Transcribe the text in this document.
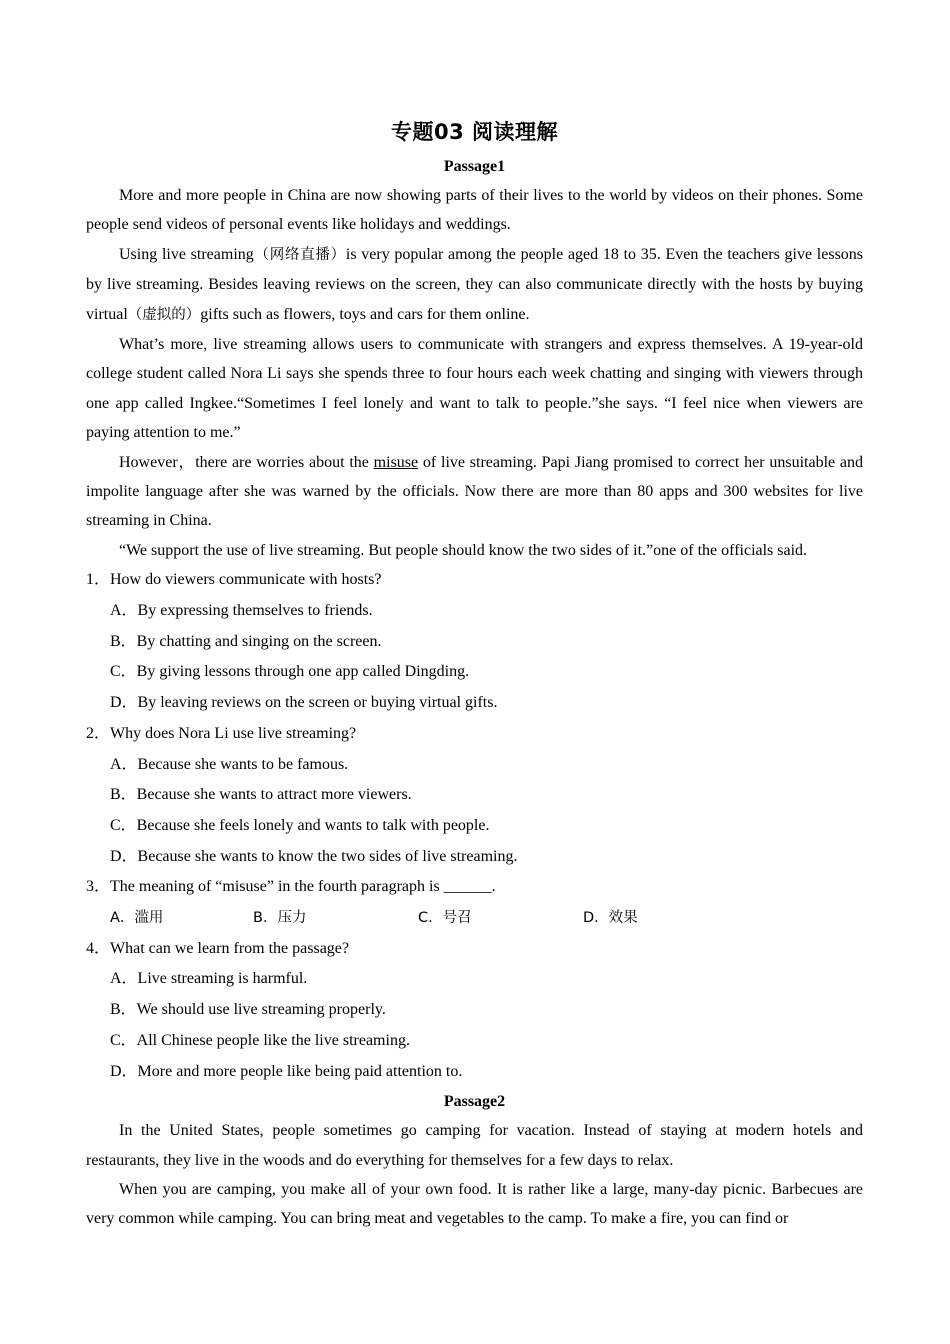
专题03 阅读理解
Passage1

More and more people in China are now showing parts of their lives to the world by videos on their phones. Some people send videos of personal events like holidays and weddings.

Using live streaming（网络直播）is very popular among the people aged 18 to 35. Even the teachers give lessons by live streaming. Besides leaving reviews on the screen, they can also communicate directly with the hosts by buying virtual（虚拟的）gifts such as flowers, toys and cars for them online.

What’s more, live streaming allows users to communicate with strangers and express themselves. A 19-year-old college student called Nora Li says she spends three to four hours each week chatting and singing with viewers through one app called Ingkee.“Sometimes I feel lonely and want to talk to people.”she says. “I feel nice when viewers are paying attention to me.”

However，there are worries about the misuse of live streaming. Papi Jiang promised to correct her unsuitable and impolite language after she was warned by the officials. Now there are more than 80 apps and 300 websites for live streaming in China.

“We support the use of live streaming. But people should know the two sides of it.”one of the officials said.

1．How do viewers communicate with hosts?
A．By expressing themselves to friends.
B．By chatting and singing on the screen.
C．By giving lessons through one app called Dingding.
D．By leaving reviews on the screen or buying virtual gifts.
2．Why does Nora Li use live streaming?
A．Because she wants to be famous.
B．Because she wants to attract more viewers.
C．Because she feels lonely and wants to talk with people.
D．Because she wants to know the two sides of live streaming.
3．The meaning of “misuse” in the fourth paragraph is ______.
A．滥用	B．压力	C．号召	D．效果
4．What can we learn from the passage?
A．Live streaming is harmful.
B．We should use live streaming properly.
C．All Chinese people like the live streaming.
D．More and more people like being paid attention to.
Passage2

In the United States, people sometimes go camping for vacation. Instead of staying at modern hotels and restaurants, they live in the woods and do everything for themselves for a few days to relax.

When you are camping, you make all of your own food. It is rather like a large, many-day picnic. Barbecues are very common while camping. You can bring meat and vegetables to the camp. To make a fire, you can find or
